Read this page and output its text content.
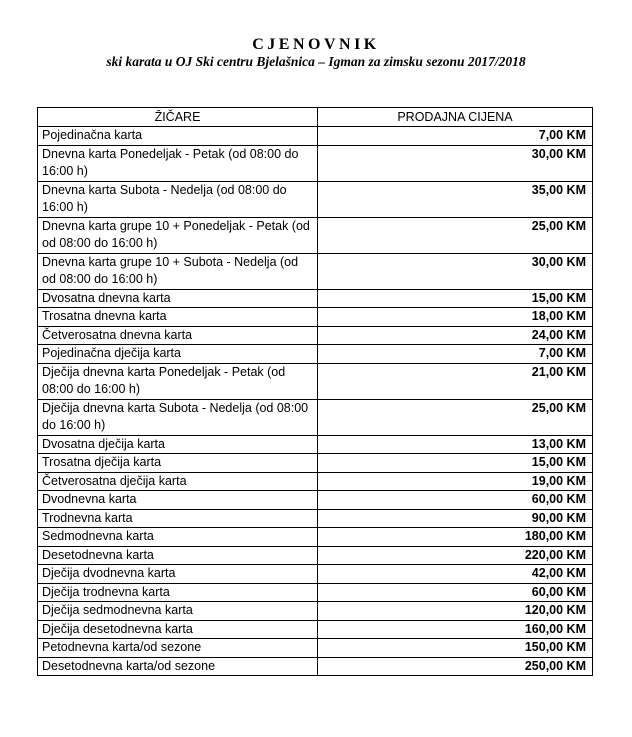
CJENOVNIK
ski karata u OJ Ski centru Bjelašnica – Igman za zimsku sezonu 2017/2018
ŽIČARE	PRODAJNA CIJENA
Pojedinačna karta	7,00 KM
Dnevna karta Ponedeljak - Petak (od 08:00 do 16:00 h)	30,00 KM
Dnevna karta Subota - Nedelja (od 08:00 do 16:00 h)	35,00 KM
Dnevna karta grupe 10 + Ponedeljak - Petak (od od 08:00 do 16:00 h)	25,00 KM
Dnevna karta grupe 10 + Subota - Nedelja (od od 08:00 do 16:00 h)	30,00 KM
Dvosatna dnevna karta	15,00 KM
Trosatna dnevna karta	18,00 KM
Četverosatna dnevna karta	24,00 KM
Pojedinačna dječija karta	7,00 KM
Dječija dnevna karta Ponedeljak - Petak (od 08:00 do 16:00 h)	21,00 KM
Dječija dnevna karta Subota - Nedelja (od 08:00 do 16:00 h)	25,00 KM
Dvosatna dječija karta	13,00 KM
Trosatna dječija karta	15,00 KM
Četverosatna dječija karta	19,00 KM
Dvodnevna karta	60,00 KM
Trodnevna karta	90,00 KM
Sedmodnevna karta	180,00 KM
Desetodnevna karta	220,00 KM
Dječija dvodnevna karta	42,00 KM
Dječija trodnevna karta	60,00 KM
Dječija sedmodnevna karta	120,00 KM
Dječija desetodnevna karta	160,00 KM
Petodnevna karta/od sezone	150,00 KM
Desetodnevna karta/od sezone	250,00 KM
